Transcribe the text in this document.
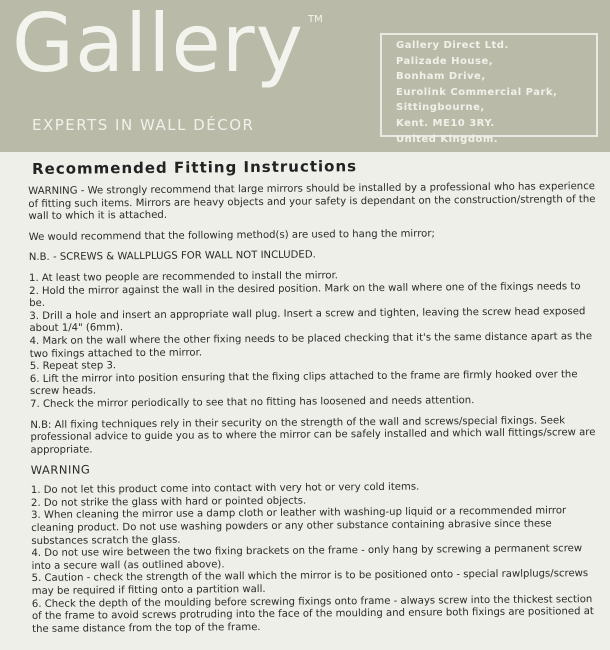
Gallery TM
EXPERTS IN WALL DÉCOR
Gallery Direct Ltd.
Palizade House,
Bonham Drive,
Eurolink Commercial Park,
Sittingbourne,
Kent. ME10 3RY.
United Kingdom.
Recommended Fitting Instructions

WARNING - We strongly recommend that large mirrors should be installed by a professional who has experience of fitting such items. Mirrors are heavy objects and your safety is dependant on the construction/strength of the wall to which it is attached.

We would recommend that the following method(s) are used to hang the mirror;

N.B. - SCREWS & WALLPLUGS FOR WALL NOT INCLUDED.

1. At least two people are recommended to install the mirror.

2. Hold the mirror against the wall in the desired position. Mark on the wall where one of the fixings needs to be.

3. Drill a hole and insert an appropriate wall plug. Insert a screw and tighten, leaving the screw head exposed about 1/4" (6mm).

4. Mark on the wall where the other fixing needs to be placed checking that it's the same distance apart as the two fixings attached to the mirror.

5. Repeat step 3.

6. Lift the mirror into position ensuring that the fixing clips attached to the frame are firmly hooked over the screw heads.

7. Check the mirror periodically to see that no fitting has loosened and needs attention.

N.B: All fixing techniques rely in their security on the strength of the wall and screws/special fixings. Seek professional advice to guide you as to where the mirror can be safely installed and which wall fittings/screw are appropriate.

WARNING

1. Do not let this product come into contact with very hot or very cold items.

2. Do not strike the glass with hard or pointed objects.

3. When cleaning the mirror use a damp cloth or leather with washing-up liquid or a recommended mirror cleaning product. Do not use washing powders or any other substance containing abrasive since these substances scratch the glass.

4. Do not use wire between the two fixing brackets on the frame - only hang by screwing a permanent screw into a secure wall (as outlined above).

5. Caution - check the strength of the wall which the mirror is to be positioned onto - special rawlplugs/screws may be required if fitting onto a partition wall.

6. Check the depth of the moulding before screwing fixings onto frame - always screw into the thickest section of the frame to avoid screws protruding into the face of the moulding and ensure both fixings are positioned at the same distance from the top of the frame.
